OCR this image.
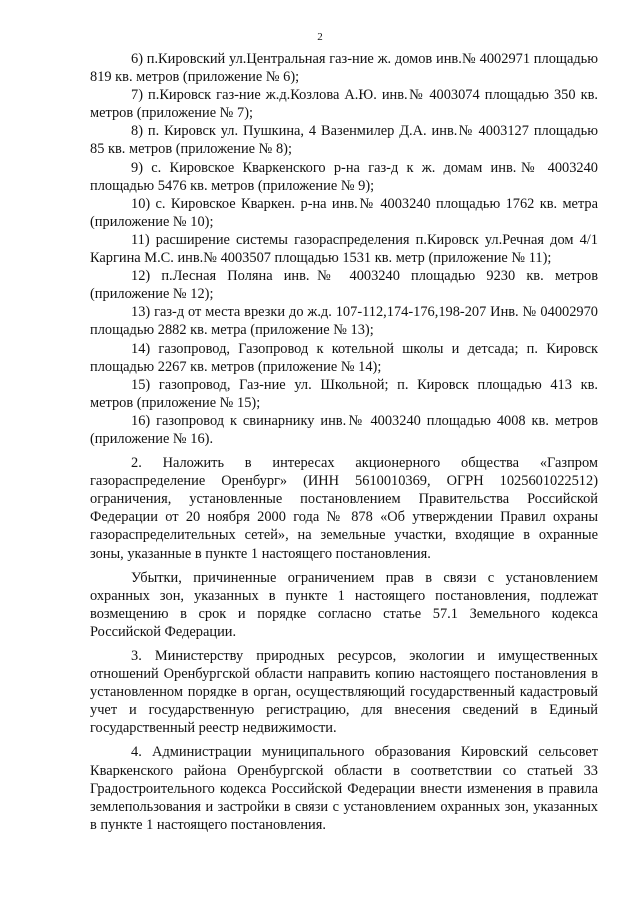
2

6) п.Кировский ул.Центральная газ-ние ж. домов инв.№ 4002971 площадью 819 кв. метров (приложение № 6);

7) п.Кировск газ-ние ж.д.Козлова А.Ю. инв.№ 4003074 площадью 350 кв. метров (приложение № 7);

8) п. Кировск ул. Пушкина, 4 Вазенмилер Д.А. инв.№ 4003127 площадью 85 кв. метров (приложение № 8);

9) с. Кировское Кваркенского р-на газ-д к ж. домам инв.№ 4003240 площадью 5476 кв. метров (приложение № 9);

10) с. Кировское Кваркен. р-на инв.№ 4003240 площадью 1762 кв. метра (приложение № 10);

11) расширение системы газораспределения п.Кировск ул.Речная дом 4/1 Каргина М.С. инв.№ 4003507 площадью 1531 кв. метр (приложение № 11);

12) п.Лесная Поляна инв.№ 4003240 площадью 9230 кв. метров (приложение № 12);

13) газ-д от места врезки до ж.д. 107-112,174-176,198-207 Инв. № 04002970 площадью 2882 кв. метра (приложение № 13);

14) газопровод, Газопровод к котельной школы и детсада; п. Кировск площадью 2267 кв. метров (приложение № 14);

15) газопровод, Газ-ние ул. Школьной; п. Кировск площадью 413 кв. метров (приложение № 15);

16) газопровод к свинарнику инв.№ 4003240 площадью 4008 кв. метров (приложение № 16).

2. Наложить в интересах акционерного общества «Газпром газораспределение Оренбург» (ИНН 5610010369, ОГРН 1025601022512) ограничения, установленные постановлением Правительства Российской Федерации от 20 ноября 2000 года № 878 «Об утверждении Правил охраны газораспределительных сетей», на земельные участки, входящие в охранные зоны, указанные в пункте 1 настоящего постановления.

Убытки, причиненные ограничением прав в связи с установлением охранных зон, указанных в пункте 1 настоящего постановления, подлежат возмещению в срок и порядке согласно статье 57.1 Земельного кодекса Российской Федерации.

3. Министерству природных ресурсов, экологии и имущественных отношений Оренбургской области направить копию настоящего постановления в установленном порядке в орган, осуществляющий государственный кадастровый учет и государственную регистрацию, для внесения сведений в Единый государственный реестр недвижимости.

4. Администрации муниципального образования Кировский сельсовет Кваркенского района Оренбургской области в соответствии со статьей 33 Градостроительного кодекса Российской Федерации внести изменения в правила землепользования и застройки в связи с установлением охранных зон, указанных в пункте 1 настоящего постановления.
